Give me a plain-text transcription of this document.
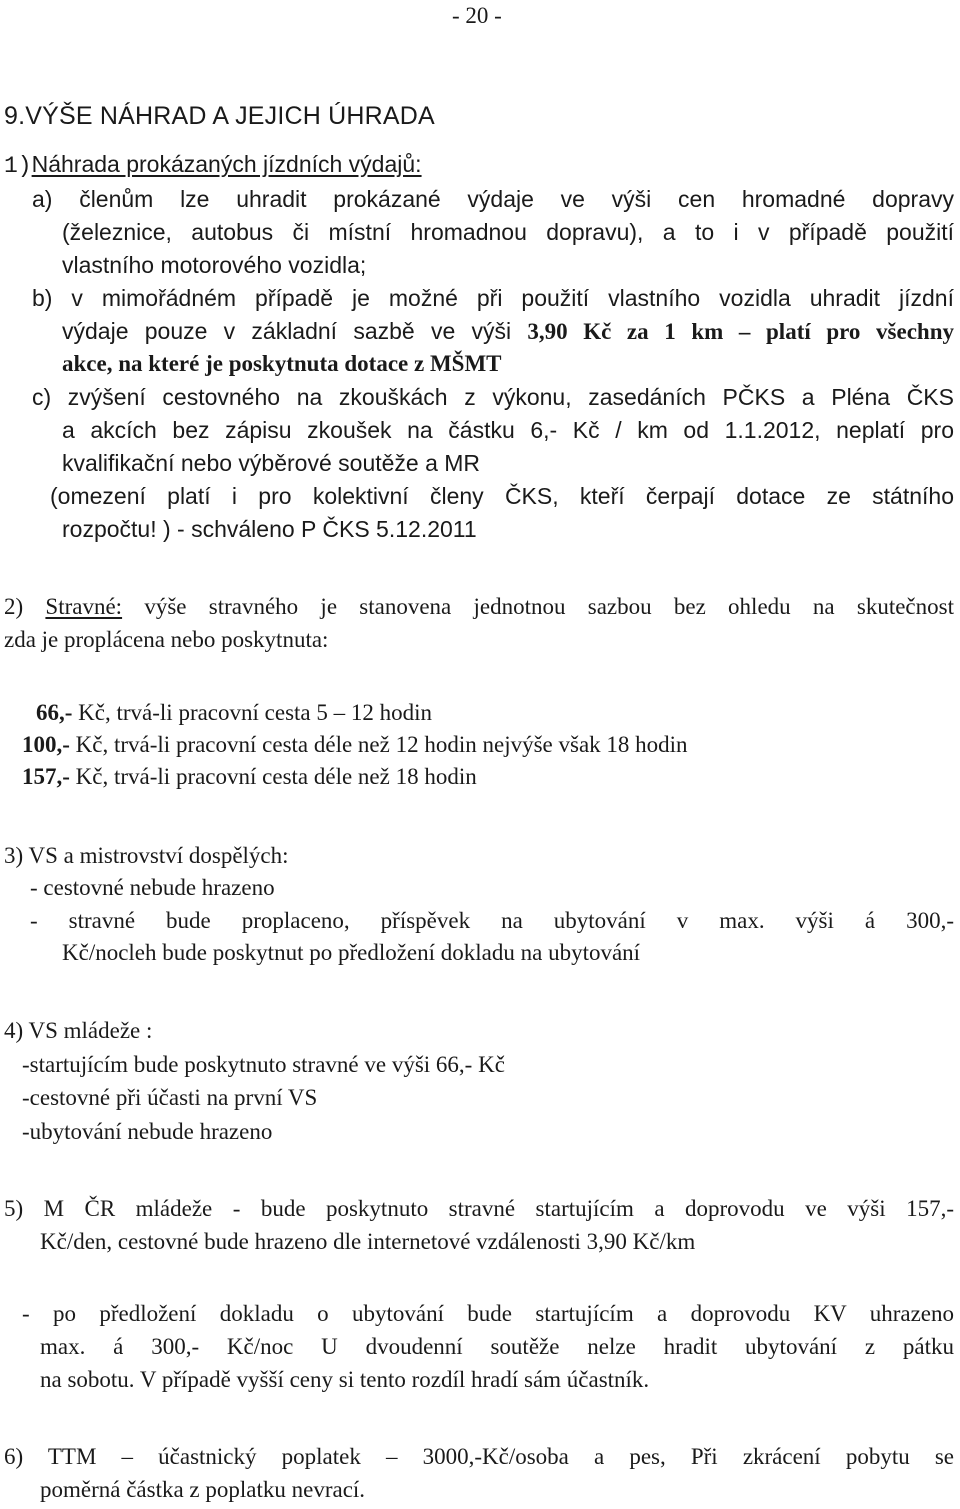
- 20 -
9.VÝŠE NÁHRAD A JEJICH ÚHRADA
1)Náhrada prokázaných jízdních výdajů:
a) členům lze uhradit prokázané výdaje ve výši cen hromadné dopravy
(železnice, autobus či místní hromadnou dopravu), a to i v případě použití
vlastního motorového vozidla;
b) v mimořádném případě je možné při použití vlastního vozidla uhradit jízdní
výdaje pouze v základní sazbě ve výši 3,90 Kč za 1 km – platí pro všechny
akce, na které je poskytnuta dotace z MŠMT
c) zvýšení cestovného na zkouškách z výkonu, zasedáních PČKS a Pléna ČKS
a akcích bez zápisu zkoušek na částku 6,- Kč / km od 1.1.2012, neplatí pro
kvalifikační nebo výběrové soutěže a MR
(omezení platí i pro kolektivní členy ČKS, kteří čerpají dotace ze státního
rozpočtu! ) - schváleno P ČKS 5.12.2011
2) Stravné: výše stravného je stanovena jednotnou sazbou bez ohledu na skutečnost
zda je proplácena nebo poskytnuta:
66,- Kč, trvá-li pracovní cesta 5 – 12 hodin
100,- Kč, trvá-li pracovní cesta déle než 12 hodin nejvýše však 18 hodin
157,- Kč, trvá-li pracovní cesta déle než 18 hodin
3) VS a mistrovství dospělých:
- cestovné nebude hrazeno
- stravné bude proplaceno, příspěvek na ubytování v max. výši á 300,-
Kč/nocleh bude poskytnut po předložení dokladu na ubytování
4) VS mládeže :
-startujícím bude poskytnuto stravné ve výši 66,- Kč
-cestovné při účasti na první VS
-ubytování nebude hrazeno
5) M ČR mládeže - bude poskytnuto stravné startujícím a doprovodu ve výši 157,-
Kč/den, cestovné bude hrazeno dle internetové vzdálenosti 3,90 Kč/km
- po předložení dokladu o ubytování bude startujícím a doprovodu KV uhrazeno
max. á 300,- Kč/noc U dvoudenní soutěže nelze hradit ubytování z pátku
na sobotu. V případě vyšší ceny si tento rozdíl hradí sám účastník.
6) TTM – účastnický poplatek – 3000,-Kč/osoba a pes, Při zkrácení pobytu se
poměrná částka z poplatku nevrací.
